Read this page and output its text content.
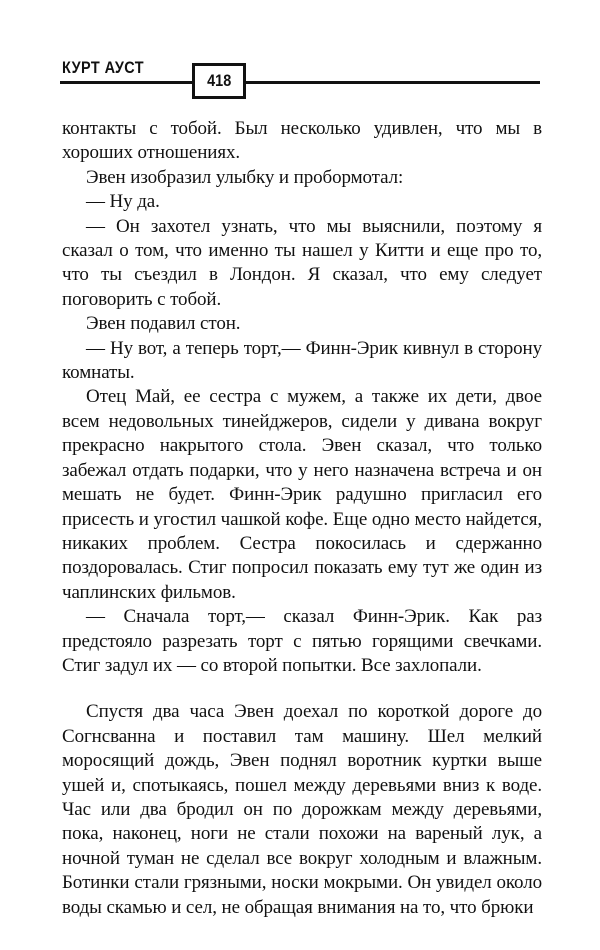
КУРТ АУСТ
418

контакты с тобой. Был несколько удивлен, что мы в хороших отношениях.

Эвен изобразил улыбку и пробормотал:

— Ну да.

— Он захотел узнать, что мы выяснили, поэтому я сказал о том, что именно ты нашел у Китти и еще про то, что ты съездил в Лондон. Я сказал, что ему следует поговорить с тобой.

Эвен подавил стон.

— Ну вот, а теперь торт,— Финн-Эрик кивнул в сторону комнаты.

Отец Май, ее сестра с мужем, а также их дети, двое всем недовольных тинейджеров, сидели у дивана вокруг прекрасно накрытого стола. Эвен сказал, что только забежал отдать подарки, что у него назначена встреча и он мешать не будет. Финн-Эрик радушно пригласил его присесть и угостил чашкой кофе. Еще одно место найдется, никаких проблем. Сестра покосилась и сдержанно поздоровалась. Стиг попросил показать ему тут же один из чаплинских фильмов.

— Сначала торт,— сказал Финн-Эрик. Как раз предстояло разрезать торт с пятью горящими свечками. Стиг задул их — со второй попытки. Все захлопали.

Спустя два часа Эвен доехал по короткой дороге до Согнсванна и поставил там машину. Шел мелкий моросящий дождь, Эвен поднял воротник куртки выше ушей и, спотыкаясь, пошел между деревьями вниз к воде. Час или два бродил он по дорожкам между деревьями, пока, наконец, ноги не стали похожи на вареный лук, а ночной туман не сделал все вокруг холодным и влажным. Ботинки стали грязными, носки мокрыми. Он увидел около воды скамью и сел, не обращая внимания на то, что брюки
